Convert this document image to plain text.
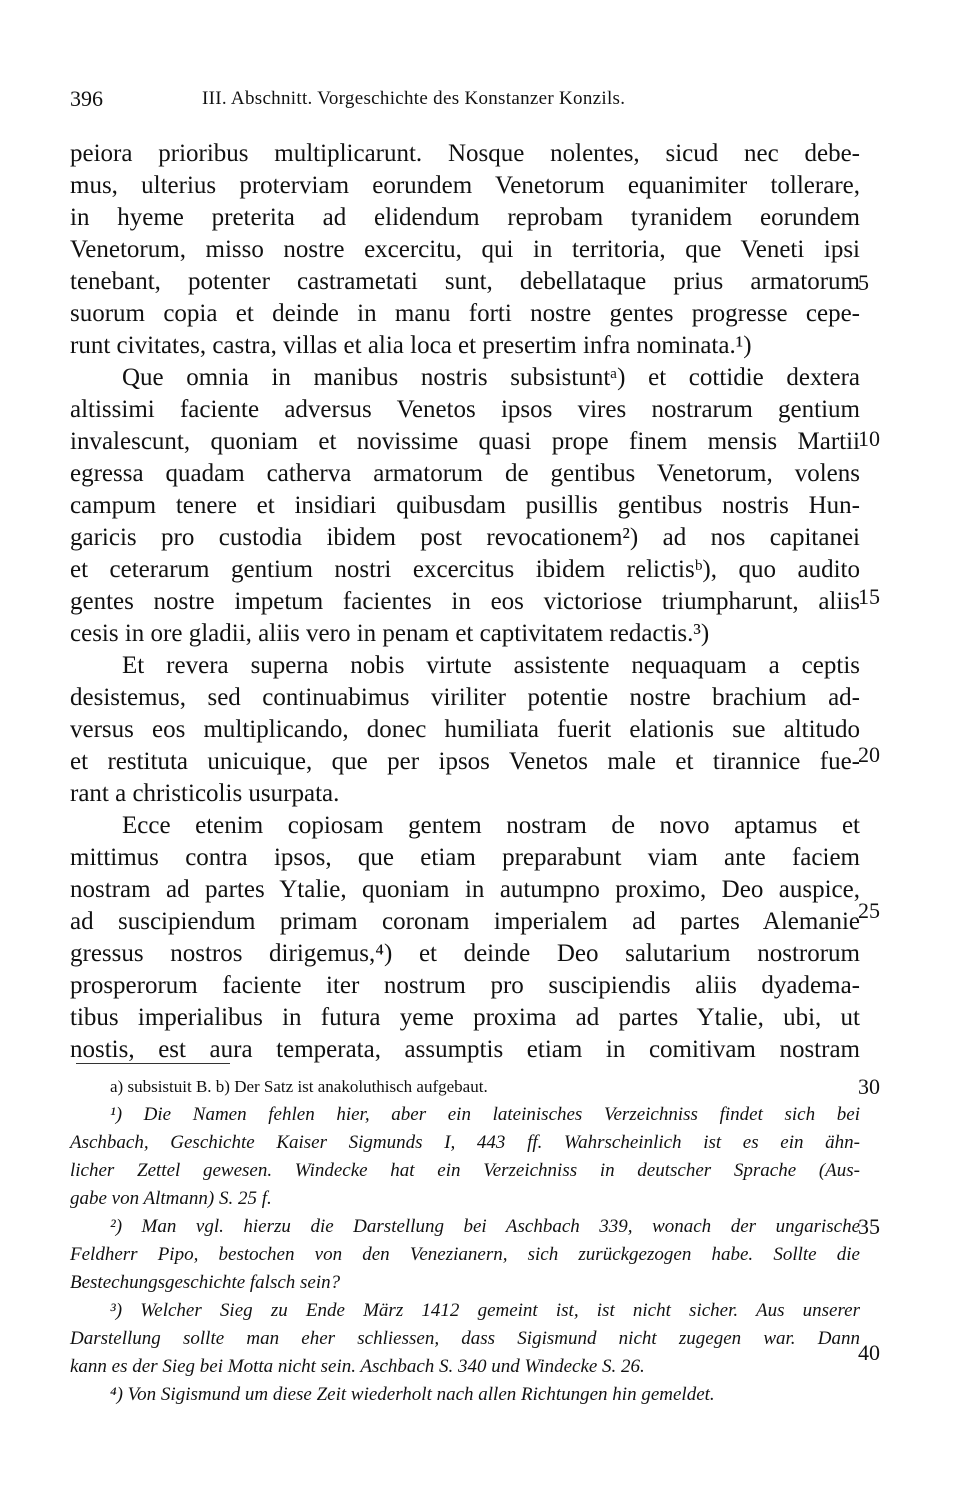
396	III. Abschnitt. Vorgeschichte des Konstanzer Konzils.
peiora prioribus multiplicarunt. Nosque nolentes, sicud nec debe-
mus, ulterius proterviam eorundem Venetorum equanimiter tollerare,
in hyeme preterita ad elidendum reprobam tyranidem eorundem
Venetorum, misso nostre excercitu, qui in territoria, que Veneti ipsi
tenebant, potenter castrametati sunt, debellataque prius armatorum
suorum copia et deinde in manu forti nostre gentes progresse cepe-
runt civitates, castra, villas et alia loca et presertim infra nominata.¹)
Que omnia in manibus nostris subsistuntᵃ) et cottidie dextera
altissimi faciente adversus Venetos ipsos vires nostrarum gentium
invalescunt, quoniam et novissime quasi prope finem mensis Martii
egressa quadam catherva armatorum de gentibus Venetorum, volens
campum tenere et insidiari quibusdam pusillis gentibus nostris Hun-
garicis pro custodia ibidem post revocationem²) ad nos capitanei
et ceterarum gentium nostri excercitus ibidem relictisᵇ), quo audito
gentes nostre impetum facientes in eos victoriose triumpharunt, aliis
cesis in ore gladii, aliis vero in penam et captivitatem redactis.³)
Et revera superna nobis virtute assistente nequaquam a ceptis
desistemus, sed continuabimus viriliter potentie nostre brachium ad-
versus eos multiplicando, donec humiliata fuerit elationis sue altitudo
et restituta unicuique, que per ipsos Venetos male et tirannice fue-
rant a christicolis usurpata.
Ecce etenim copiosam gentem nostram de novo aptamus et
mittimus contra ipsos, que etiam preparabunt viam ante faciem
nostram ad partes Ytalie, quoniam in autumpno proximo, Deo auspice,
ad suscipiendum primam coronam imperialem ad partes Alemanie
gressus nostros dirigemus,⁴) et deinde Deo salutarium nostrorum
prosperorum faciente iter nostrum pro suscipiendis aliis dyadema-
tibus imperialibus in futura yeme proxima ad partes Ytalie, ubi, ut
nostis, est aura temperata, assumptis etiam in comitivam nostram
a) subsistuit B. b) Der Satz ist anakoluthisch aufgebaut.
¹) Die Namen fehlen hier, aber ein lateinisches Verzeichniss findet sich bei
Aschbach, Geschichte Kaiser Sigmunds I, 443 ff. Wahrscheinlich ist es ein ähn-
licher Zettel gewesen. Windecke hat ein Verzeichniss in deutscher Sprache (Aus-
gabe von Altmann) S. 25 f.
²) Man vgl. hierzu die Darstellung bei Aschbach 339, wonach der ungarische
Feldherr Pipo, bestochen von den Venezianern, sich zurückgezogen habe. Sollte die
Bestechungsgeschichte falsch sein?
³) Welcher Sieg zu Ende März 1412 gemeint ist, ist nicht sicher. Aus unserer
Darstellung sollte man eher schliessen, dass Sigismund nicht zugegen war. Dann
kann es der Sieg bei Motta nicht sein. Aschbach S. 340 und Windecke S. 26.
⁴) Von Sigismund um diese Zeit wiederholt nach allen Richtungen hin gemeldet.
5
10
15
20
25
30
35
40
